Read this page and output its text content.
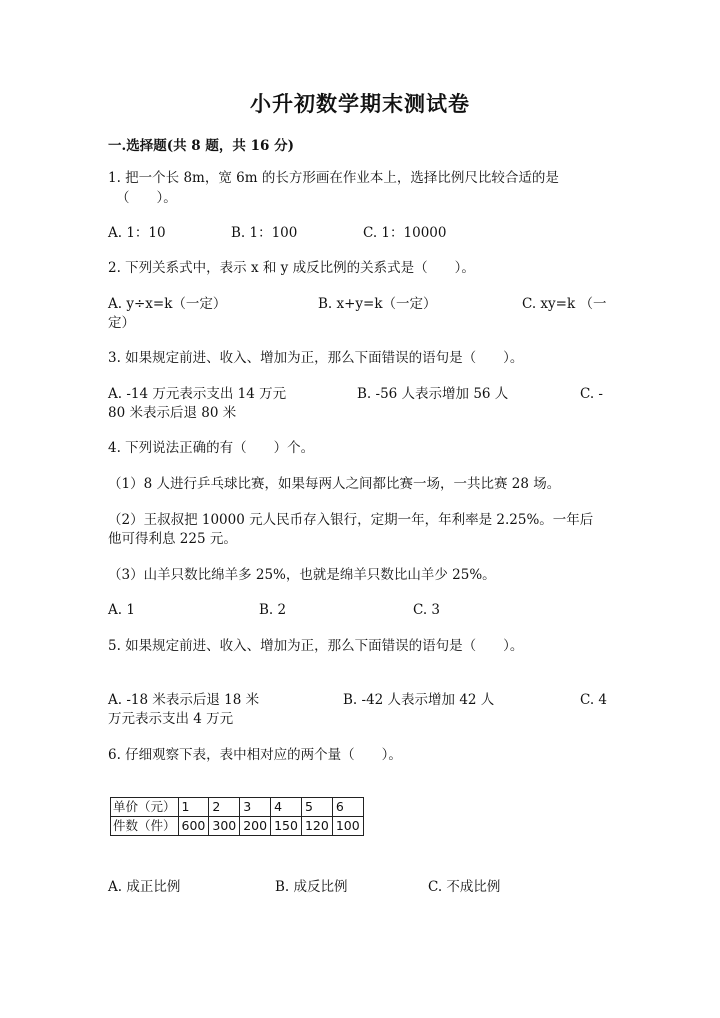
小升初数学期末测试卷
一.选择题(共 8 题，共 16 分)
1. 把一个长 8m，宽 6m 的长方形画在作业本上，选择比例尺比较合适的是
（　　）。
A. 1：10	B. 1：100	C. 1：10000
2. 下列关系式中，表示 x 和 y 成反比例的关系式是（　　）。
A. y÷x=k（一定）	B. x+y=k（一定）	C. xy=k （一
定）
3. 如果规定前进、收入、增加为正，那么下面错误的语句是（　　）。
A. -14 万元表示支出 14 万元	B. -56 人表示增加 56 人	C. -
80 米表示后退 80 米
4. 下列说法正确的有（　　）个。
（1）8 人进行乒乓球比赛，如果每两人之间都比赛一场，一共比赛 28 场。
（2）王叔叔把 10000 元人民币存入银行，定期一年，年利率是 2.25%。一年后
他可得利息 225 元。
（3）山羊只数比绵羊多 25%，也就是绵羊只数比山羊少 25%。
A. 1	B. 2	C. 3
5. 如果规定前进、收入、增加为正，那么下面错误的语句是（　　）。
A. -18 米表示后退 18 米	B. -42 人表示增加 42 人	C. 4
万元表示支出 4 万元
6. 仔细观察下表，表中相对应的两个量（　　）。
单价（元）	1	2	3	4	5	6
件数（件）	600	300	200	150	120	100
A. 成正比例	B. 成反比例	C. 不成比例
